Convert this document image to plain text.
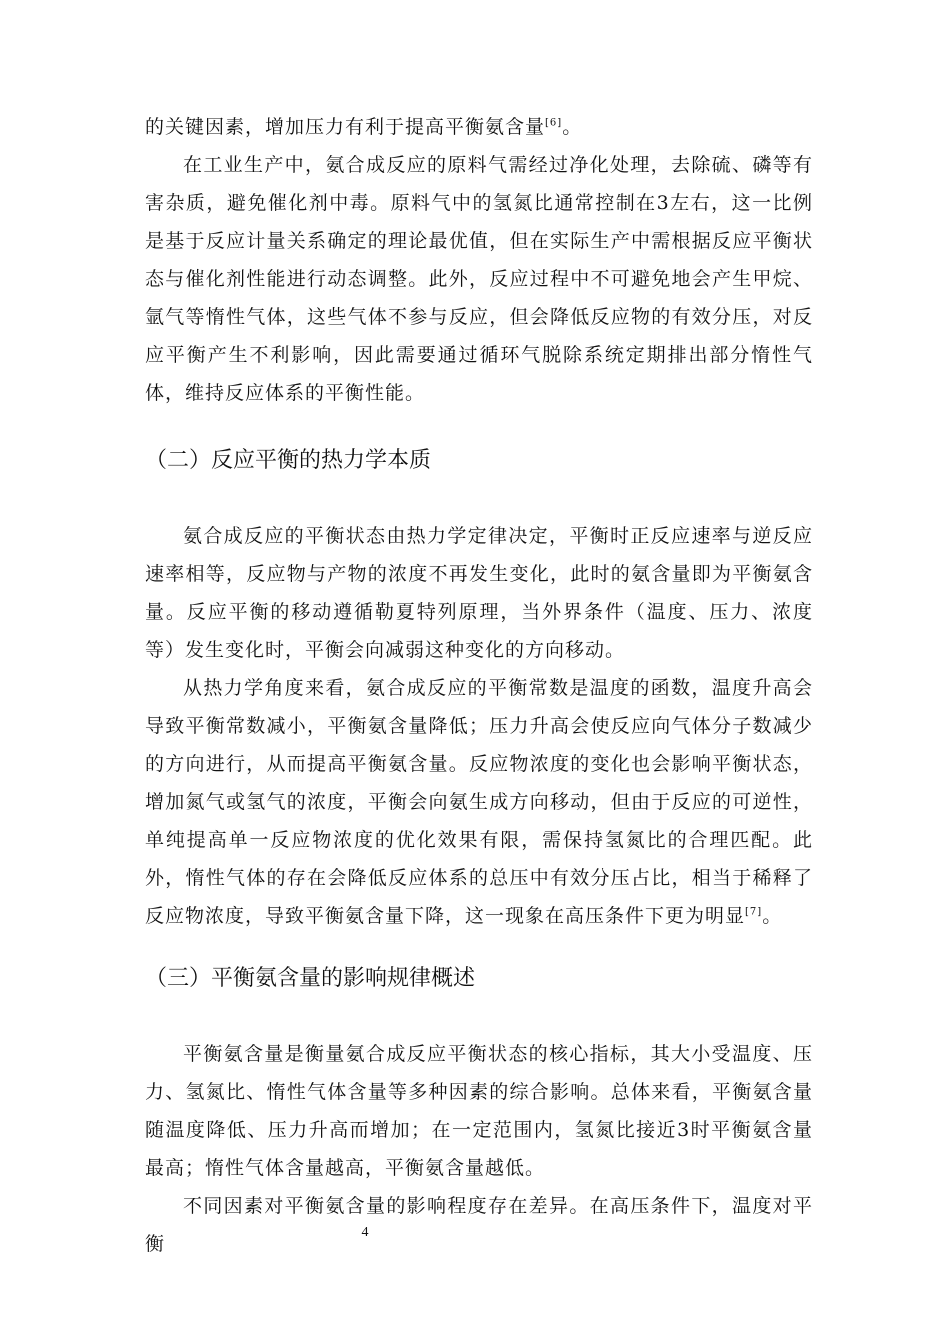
的关键因素，增加压力有利于提高平衡氨含量[6]。

在工业生产中，氨合成反应的原料气需经过净化处理，去除硫、磷等有害杂质，避免催化剂中毒。原料气中的氢氮比通常控制在3左右，这一比例是基于反应计量关系确定的理论最优值，但在实际生产中需根据反应平衡状态与催化剂性能进行动态调整。此外，反应过程中不可避免地会产生甲烷、氩气等惰性气体，这些气体不参与反应，但会降低反应物的有效分压，对反应平衡产生不利影响，因此需要通过循环气脱除系统定期排出部分惰性气体，维持反应体系的平衡性能。

（二）反应平衡的热力学本质

氨合成反应的平衡状态由热力学定律决定，平衡时正反应速率与逆反应速率相等，反应物与产物的浓度不再发生变化，此时的氨含量即为平衡氨含量。反应平衡的移动遵循勒夏特列原理，当外界条件（温度、压力、浓度等）发生变化时，平衡会向减弱这种变化的方向移动。

从热力学角度来看，氨合成反应的平衡常数是温度的函数，温度升高会导致平衡常数减小，平衡氨含量降低；压力升高会使反应向气体分子数减少的方向进行，从而提高平衡氨含量。反应物浓度的变化也会影响平衡状态，增加氮气或氢气的浓度，平衡会向氨生成方向移动，但由于反应的可逆性，单纯提高单一反应物浓度的优化效果有限，需保持氢氮比的合理匹配。此外，惰性气体的存在会降低反应体系的总压中有效分压占比，相当于稀释了反应物浓度，导致平衡氨含量下降，这一现象在高压条件下更为明显[7]。

（三）平衡氨含量的影响规律概述

平衡氨含量是衡量氨合成反应平衡状态的核心指标，其大小受温度、压力、氢氮比、惰性气体含量等多种因素的综合影响。总体来看，平衡氨含量随温度降低、压力升高而增加；在一定范围内，氢氮比接近3时平衡氨含量最高；惰性气体含量越高，平衡氨含量越低。

不同因素对平衡氨含量的影响程度存在差异。在高压条件下，温度对平衡

4
